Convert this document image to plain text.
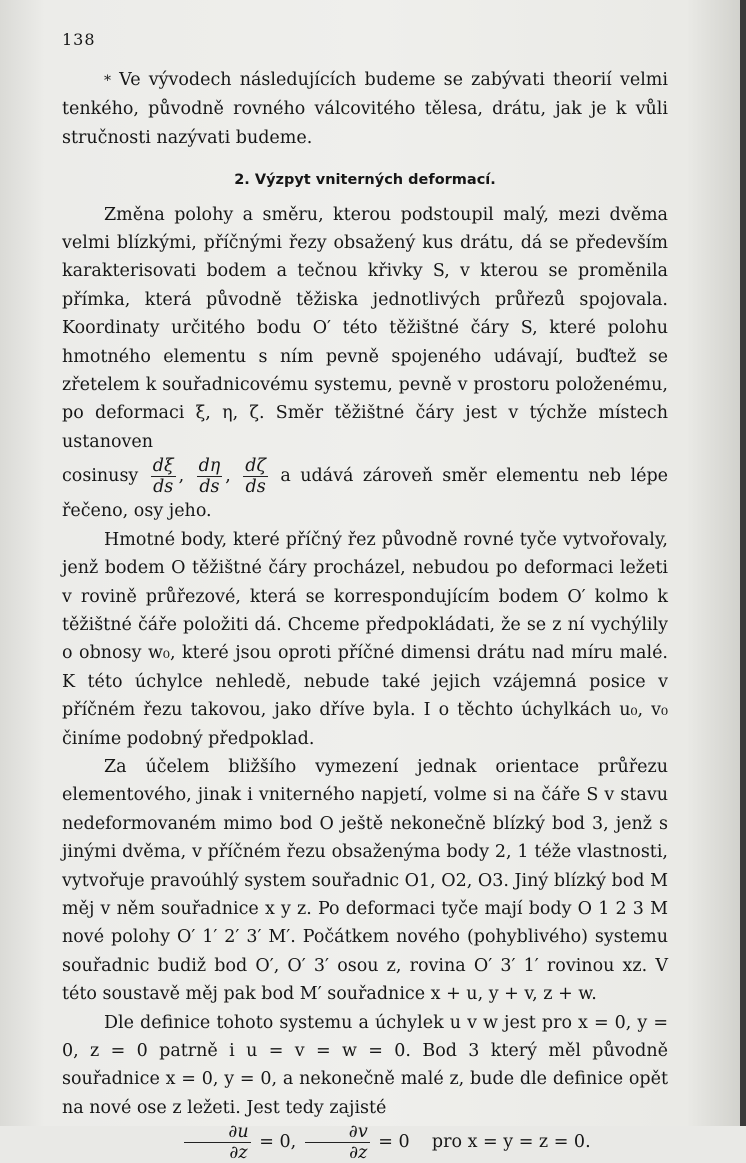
138

* Ve vývodech následujících budeme se zabývati theorií velmi tenkého, původně rovného válcovitého tělesa, drátu, jak je k vůli stručnosti nazývati budeme.

2. Výzpyt vniterných deformací.

Změna polohy a směru, kterou podstoupil malý, mezi dvěma velmi blízkými, příčnými řezy obsažený kus drátu, dá se především karakterisovati bodem a tečnou křivky S, v kterou se proměnila přímka, která původně těžiska jednotlivých průřezů spojovala. Koordinaty určitého bodu O′ této těžištné čáry S, které polohu hmotného elementu s ním pevně spojeného udávají, buďtež se zřetelem k souřadnicovému systemu, pevně v prostoru položenému, po deformaci ξ, η, ζ. Směr těžištné čáry jest v týchže místech ustanoven

cosinusy $\frac{d\xi}{ds}$ , $\frac{d\eta}{ds}$ , $\frac{d\zeta}{ds}$ a udává zároveň směr elementu neb lépe řečeno, osy jeho.

Hmotné body, které příčný řez původně rovné tyče vytvořovaly, jenž bodem O těžištné čáry procházel, nebudou po deformaci ležeti v rovině průřezové, která se korrespondujícím bodem O′ kolmo k těžištné čáře položiti dá. Chceme předpokládati, že se z ní vychýlily o obnosy w₀, které jsou oproti příčné dimensi drátu nad míru malé. K této úchylce nehledě, nebude také jejich vzájemná posice v příčném řezu takovou, jako dříve byla. I o těchto úchylkách u₀, v₀ činíme podobný předpoklad.

Za účelem bližšího vymezení jednak orientace průřezu elementového, jinak i vniterného napjetí, volme si na čáře S v stavu nedeformovaném mimo bod O ještě nekonečně blízký bod 3, jenž s jinými dvěma, v příčném řezu obsaženýma body 2, 1 téže vlastnosti, vytvořuje pravoúhlý system souřadnic O1, O2, O3. Jiný blízký bod M měj v něm souřadnice x y z. Po deformaci tyče mají body O 1 2 3 M nové polohy O′ 1′ 2′ 3′ M′. Počátkem nového (pohyblivého) systemu souřadnic budiž bod O′, O′ 3′ osou z, rovina O′ 3′ 1′ rovinou xz. V této soustavě měj pak bod M′ souřadnice x + u, y + v, z + w.

Dle definice tohoto systemu a úchylek u v w jest pro x = 0, y = 0, z = 0 patrně i u = v = w = 0. Bod 3 který měl původně souřadnice x = 0, y = 0, a nekonečně malé z, bude dle definice opět na nové ose z ležeti. Jest tedy zajisté

$\frac{\partial u}{\partial z} = 0$, $\frac{\partial v}{\partial z} = 0$ pro x = y = z = 0.
